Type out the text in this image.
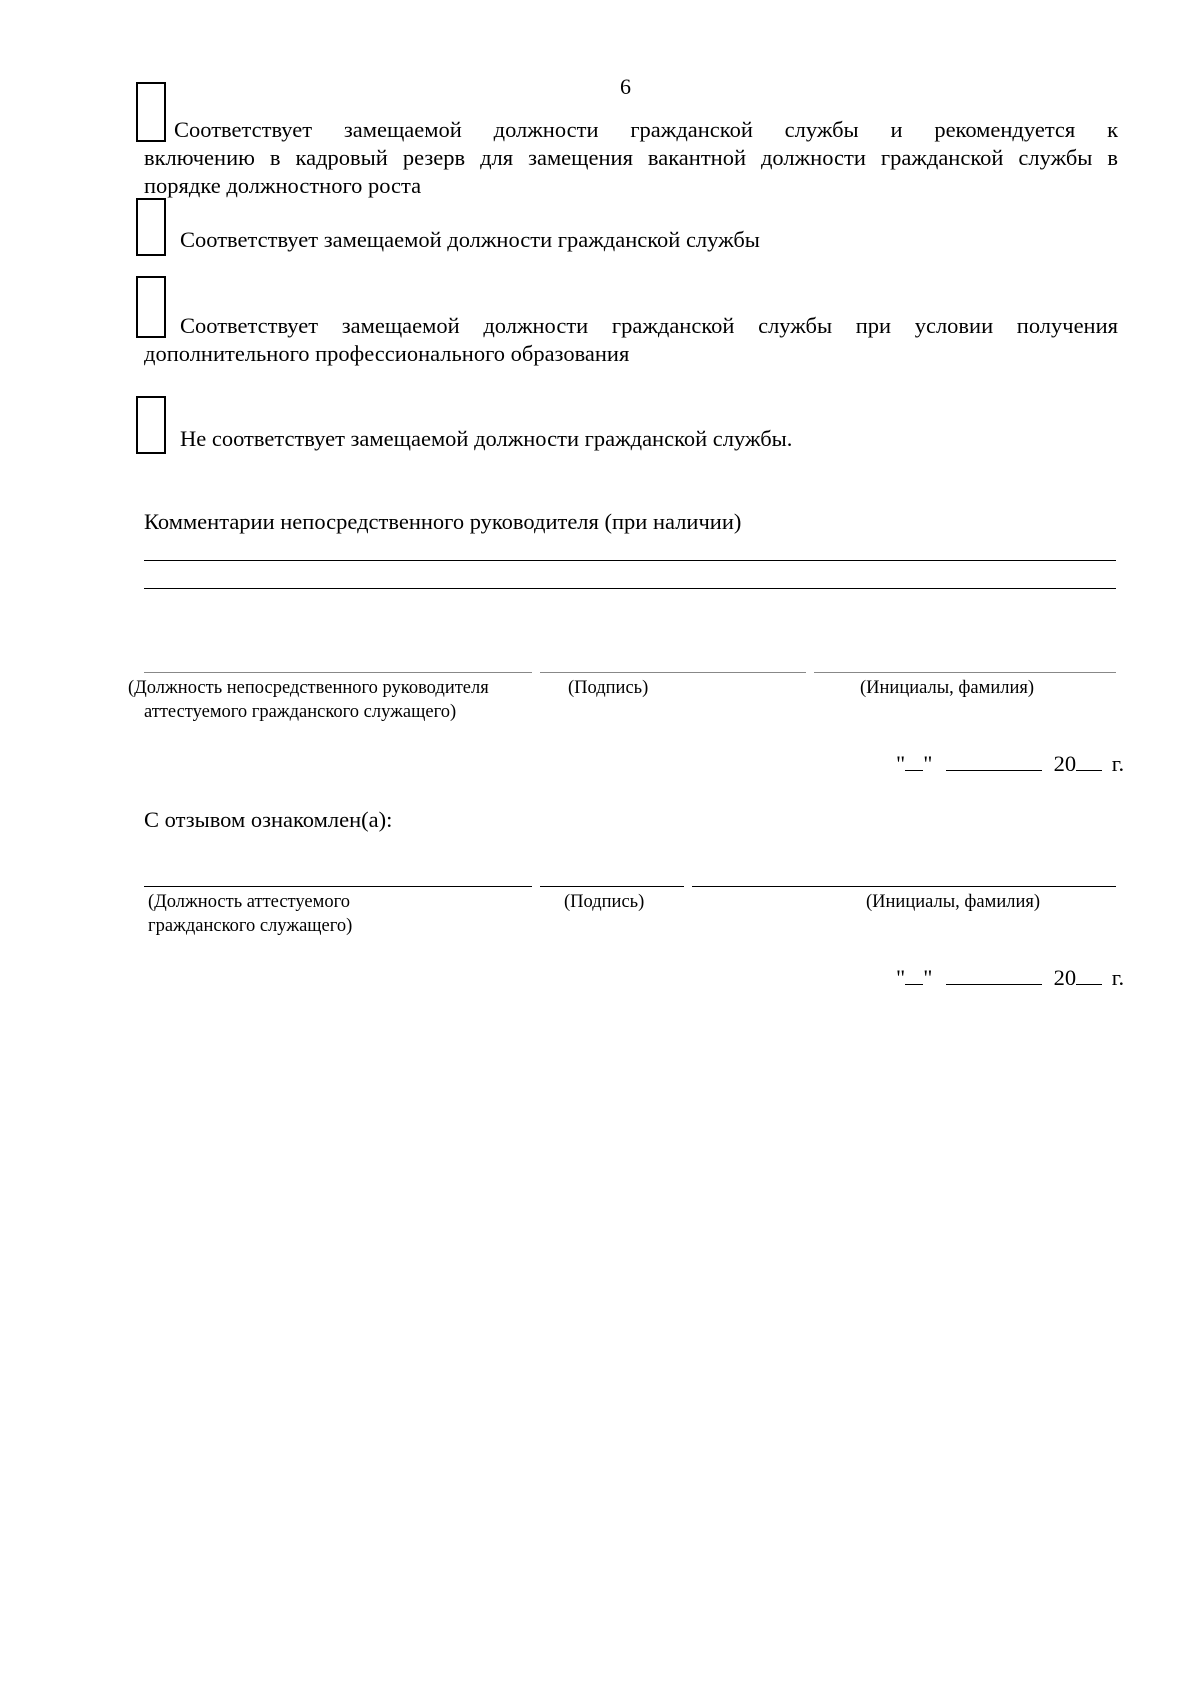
6
Соответствует замещаемой должности гражданской службы и рекомендуется к
включению в кадровый резерв для замещения вакантной должности гражданской службы в
порядке должностного роста
Соответствует замещаемой должности гражданской службы
Соответствует замещаемой должности гражданской службы при условии получения
дополнительного профессионального образования
Не соответствует замещаемой должности гражданской службы.
Комментарии непосредственного руководителя (при наличии)
(Должность непосредственного руководителя
аттестуемого гражданского служащего)
(Подпись)	(Инициалы, фамилия)
" "	20 г.
С отзывом ознакомлен(а):
(Должность аттестуемого
гражданского служащего)
(Подпись)	(Инициалы, фамилия)
" "	20 г.
